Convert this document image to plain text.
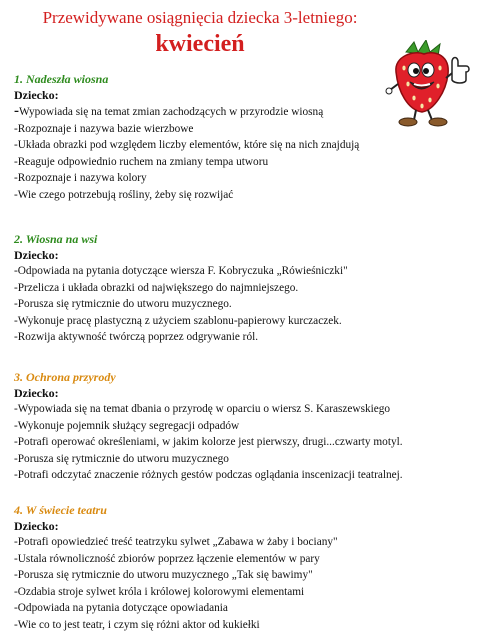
Przewidywane osiągnięcia dziecka 3-letniego:
kwiecień
1. Nadeszła wiosna
Dziecko:
- Wypowiada się na temat zmian zachodzących w przyrodzie wiosną
- Rozpoznaje i nazywa bazie wierzbowe
- Układa obrazki pod względem liczby elementów, które się na nich znajdują
- Reaguje odpowiednio ruchem na zmiany tempa utworu
- Rozpoznaje i nazywa kolory
- Wie czego potrzebują rośliny, żeby się rozwijać
2. Wiosna na wsi
Dziecko:
- Odpowiada na pytania dotyczące wiersza F. Kobryczuka „Rówieśniczki"
- Przelicza i układa obrazki od największego do najmniejszego.
- Porusza się rytmicznie do utworu muzycznego.
- Wykonuje pracę plastyczną z użyciem szablonu-papierowy kurczaczek.
- Rozwija aktywność twórczą poprzez odgrywanie ról.
3. Ochrona przyrody
Dziecko:
- Wypowiada się na temat dbania o przyrodę w oparciu o wiersz S. Karaszewskiego
- Wykonuje pojemnik służący segregacji odpadów
- Potrafi operować określeniami, w jakim kolorze jest pierwszy, drugi...czwarty motyl.
- Porusza się rytmicznie do utworu muzycznego
- Potrafi odczytać znaczenie różnych gestów podczas oglądania inscenizacji teatralnej.
4. W świecie teatru
Dziecko:
- Potrafi opowiedzieć treść teatrzyku sylwet „Zabawa w żaby i bociany"
- Ustala równoliczność zbiorów poprzez łączenie elementów w pary
- Porusza się rytmicznie do utworu muzycznego „Tak się bawimy"
- Ozdabia stroje sylwet króla i królowej kolorowymi elementami
- Odpowiada na pytania dotyczące opowiadania
- Wie co to jest teatr, i czym się różni aktor od kukiełki
